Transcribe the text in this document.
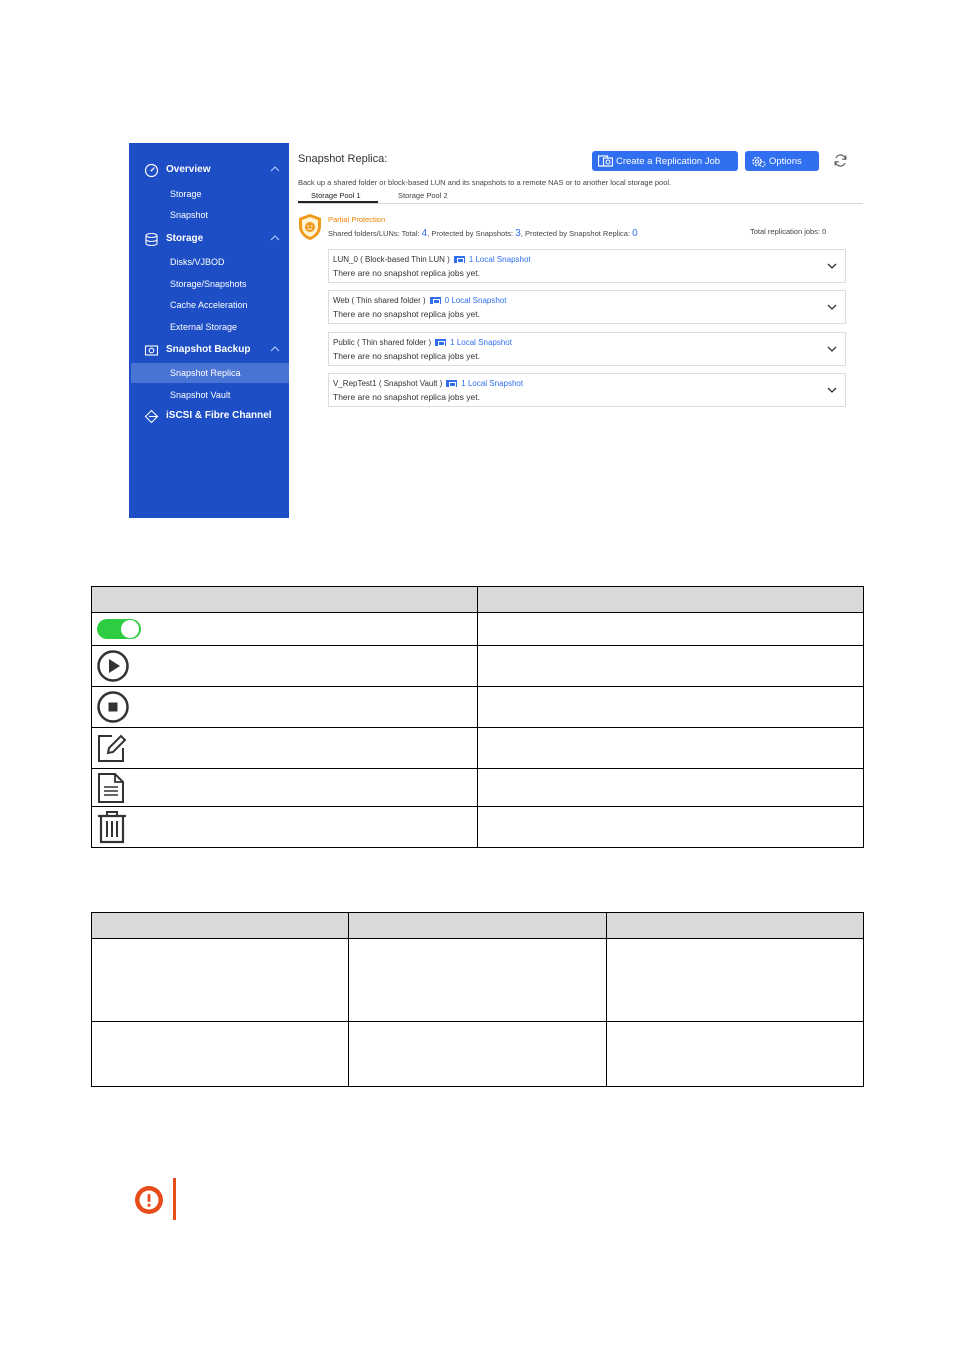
Overview
Storage
Snapshot
Storage
Disks/VJBOD
Storage/Snapshots
Cache Acceleration
External Storage
Snapshot Backup
Snapshot Replica
Snapshot Vault
iSCSI & Fibre Channel
Snapshot Replica:	Create a Replication Job	Options
Back up a shared folder or block-based LUN and its snapshots to a remote NAS or to another local storage pool.
Storage Pool 1	Storage Pool 2
Partial Protection
Shared folders/LUNs: Total: 4, Protected by Snapshots: 3, Protected by Snapshot Replica: 0	Total replication jobs: 0
LUN_0
( Block-based Thin LUN ) 1 Local Snapshot
There are no snapshot replica jobs yet.
Web
( Thin shared folder ) 0 Local Snapshot
There are no snapshot replica jobs yet.
Public
( Thin shared folder ) 1 Local Snapshot
There are no snapshot replica jobs yet.
V_RepTest1
( Snapshot Vault ) 1 Local Snapshot
There are no snapshot replica jobs yet.
